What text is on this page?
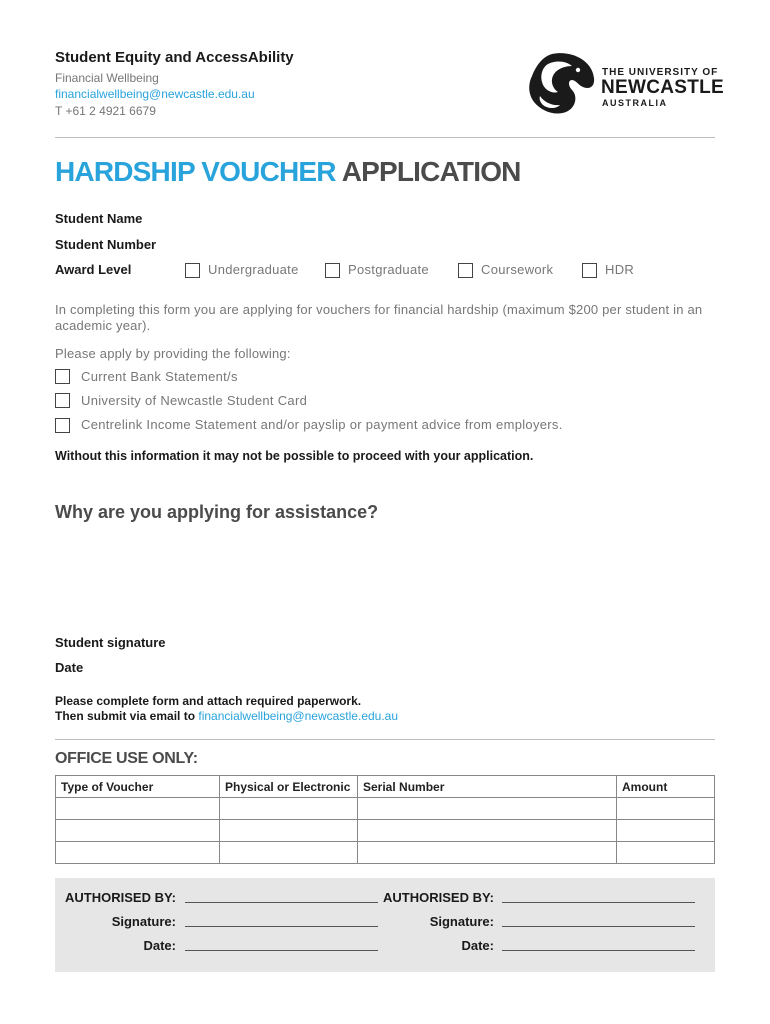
Student Equity and AccessAbility
Financial Wellbeing
financialwellbeing@newcastle.edu.au
T +61 2 4921 6679
THE UNIVERSITY OF
NEWCASTLE
AUSTRALIA
HARDSHIP VOUCHER APPLICATION
Student Name
Student Number
Award Level	Undergraduate	Postgraduate	Coursework	HDR
In completing this form you are applying for vouchers for financial hardship (maximum $200 per student in an academic year).
Please apply by providing the following:
Current Bank Statement/s
University of Newcastle Student Card
Centrelink Income Statement and/or payslip or payment advice from employers.
Without this information it may not be possible to proceed with your application.
Why are you applying for assistance?
Student signature
Date
Please complete form and attach required paperwork.
Then submit via email to financialwellbeing@newcastle.edu.au
OFFICE USE ONLY:
Type of Voucher	Physical or Electronic	Serial Number	Amount

AUTHORISED BY:
Signature:
Date:
AUTHORISED BY:
Signature:
Date:
